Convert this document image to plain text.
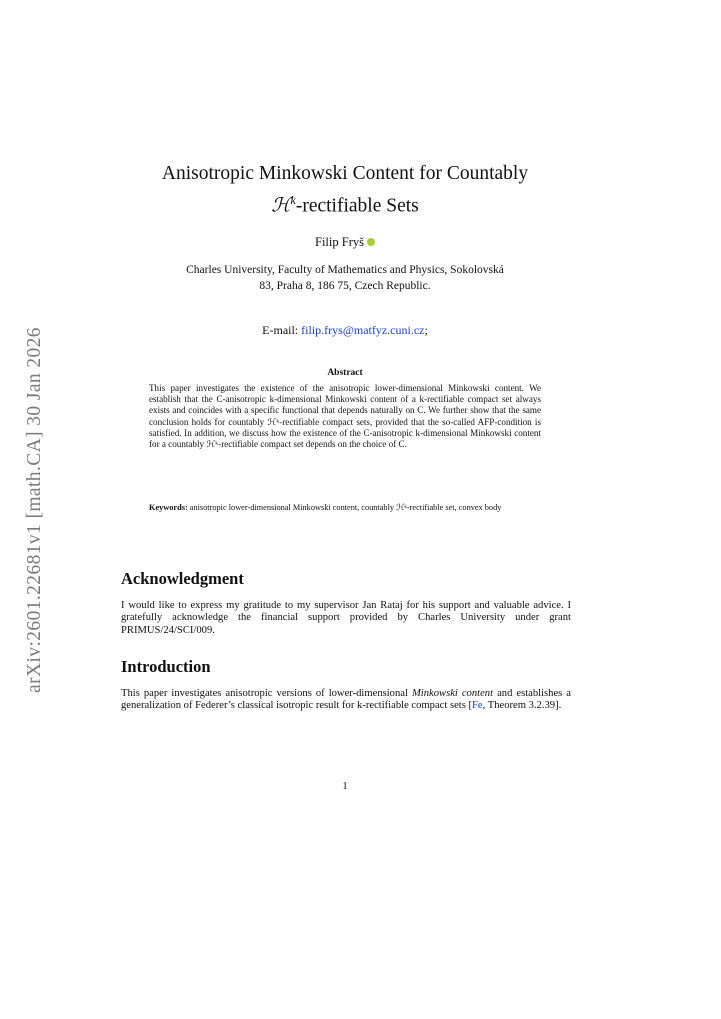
arXiv:2601.22681v1 [math.CA] 30 Jan 2026
Anisotropic Minkowski Content for Countably
ℋ$^k$-rectifiable Sets
Filip Fryš
Charles University, Faculty of Mathematics and Physics, Sokolovská
83, Praha 8, 186 75, Czech Republic.
E-mail: filip.frys@matfyz.cuni.cz;
Abstract
This paper investigates the existence of the anisotropic lower-dimensional Minkowski content. We establish that the C-anisotropic k-dimensional Minkowski content of a k-rectifiable compact set always exists and coincides with a specific functional that depends naturally on C. We further show that the same conclusion holds for countably ℋᵏ-rectifiable compact sets, provided that the so-called AFP-condition is satisfied. In addition, we discuss how the existence of the C-anisotropic k-dimensional Minkowski content for a countably ℋᵏ-rectifiable compact set depends on the choice of C.
Keywords: anisotropic lower-dimensional Minkowski content, countably ℋᵏ-rectifiable set, convex body
Acknowledgment
I would like to express my gratitude to my supervisor Jan Rataj for his support and valuable advice. I gratefully acknowledge the financial support provided by Charles University under grant PRIMUS/24/SCI/009.
Introduction
This paper investigates anisotropic versions of lower-dimensional Minkowski content and establishes a generalization of Federer’s classical isotropic result for k-rectifiable compact sets [Fe, Theorem 3.2.39].
1
